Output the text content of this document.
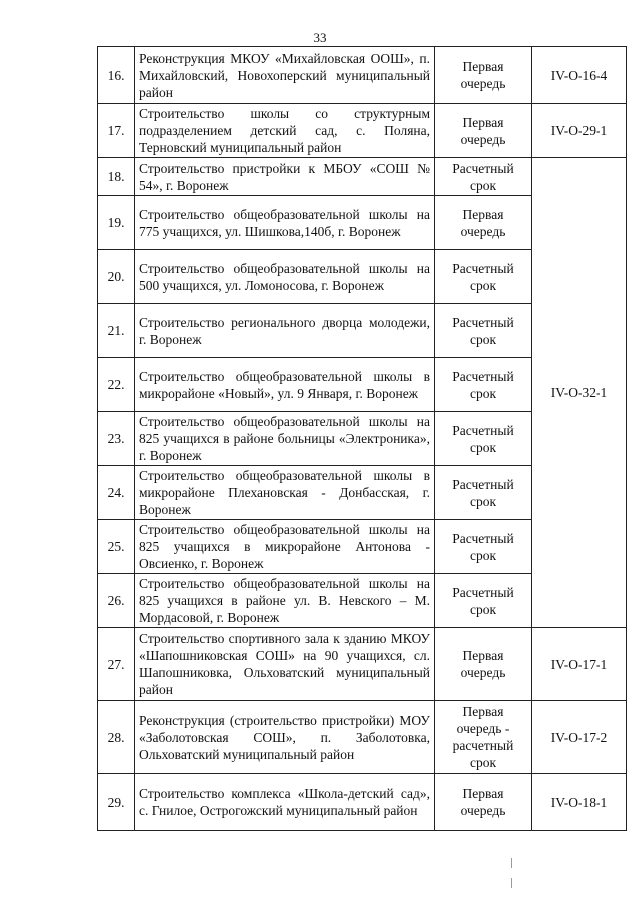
33
16.	Реконструкция МКОУ «Михайловская ООШ», п. Михайловский, Новохоперский муниципальный район	Первая очередь	IV-O-16-4
17.	Строительство школы со структурным подразделением детский сад, с. Поляна, Терновский муниципальный район	Первая очередь	IV-O-29-1
18.	Строительство пристройки к МБОУ «СОШ № 54», г. Воронеж	Расчетный срок	IV-O-32-1
19.	Строительство общеобразовательной школы на 775 учащихся, ул. Шишкова,140б, г. Воронеж	Первая очередь	
20.	Строительство общеобразовательной школы на 500 учащихся, ул. Ломоносова, г. Воронеж	Расчетный срок	
21.	Строительство регионального дворца молодежи, г. Воронеж	Расчетный срок	
22.	Строительство общеобразовательной школы в микрорайоне «Новый», ул. 9 Января, г. Воронеж	Расчетный срок	
23.	Строительство общеобразовательной школы на 825 учащихся в районе больницы «Электроника», г. Воронеж	Расчетный срок	
24.	Строительство общеобразовательной школы в микрорайоне Плехановская - Донбасская, г. Воронеж	Расчетный срок	
25.	Строительство общеобразовательной школы на 825 учащихся в микрорайоне Антонова - Овсиенко, г. Воронеж	Расчетный срок	
26.	Строительство общеобразовательной школы на 825 учащихся в районе ул. В. Невского – М. Мордасовой, г. Воронеж	Расчетный срок	
27.	Строительство спортивного зала к зданию МКОУ «Шапошниковская СОШ» на 90 учащихся, сл. Шапошниковка, Ольховатский муниципальный район	Первая очередь	IV-O-17-1
28.	Реконструкция (строительство пристройки) МОУ «Заболотовская СОШ», п. Заболотовка, Ольховатский муниципальный район	Первая очередь - расчетный срок	IV-O-17-2
29.	Строительство комплекса «Школа-детский сад», с. Гнилое, Острогожский муниципальный район	Первая очередь	IV-O-18-1
